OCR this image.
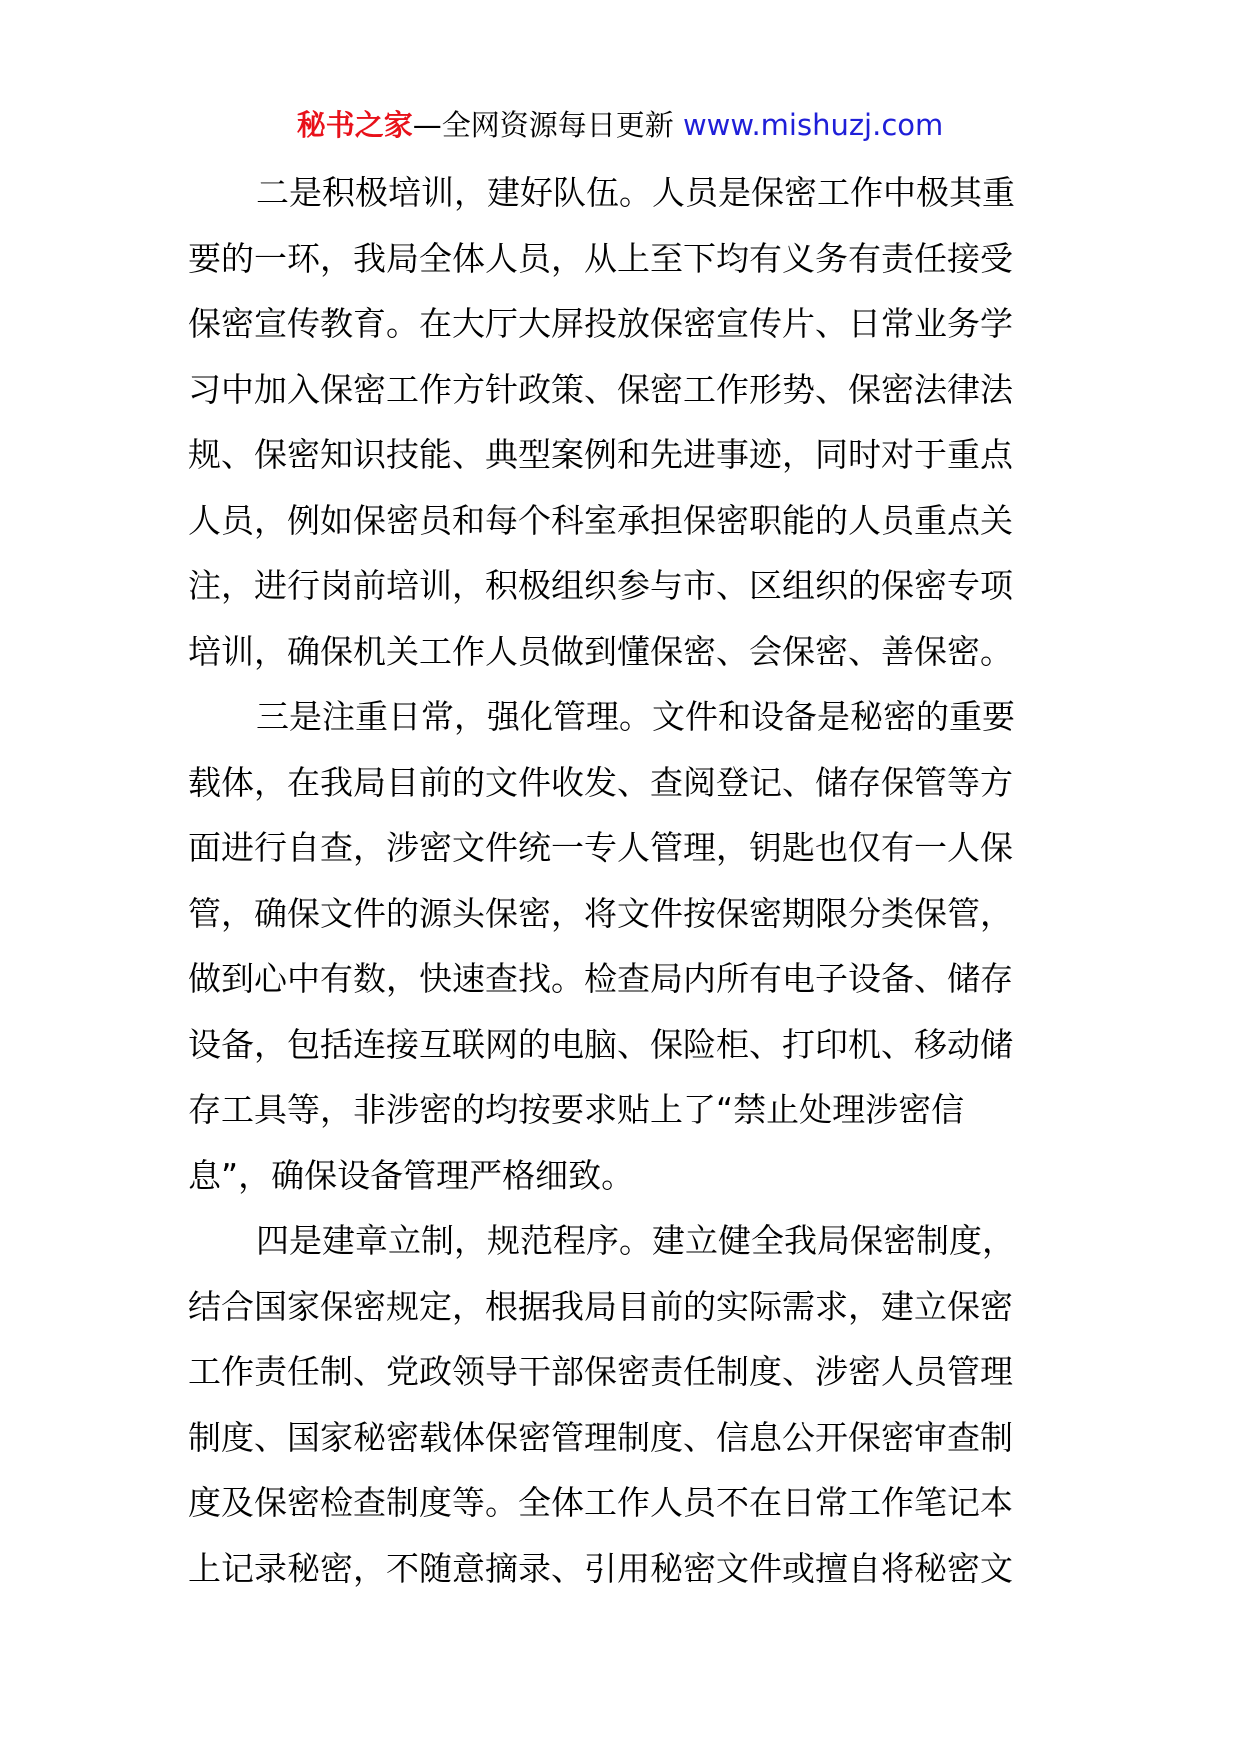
秘书之家—全网资源每日更新 www.mishuzj.com
二是积极培训，建好队伍。人员是保密工作中极其重
要的一环，我局全体人员，从上至下均有义务有责任接受
保密宣传教育。在大厅大屏投放保密宣传片、日常业务学
习中加入保密工作方针政策、保密工作形势、保密法律法
规、保密知识技能、典型案例和先进事迹，同时对于重点
人员，例如保密员和每个科室承担保密职能的人员重点关
注，进行岗前培训，积极组织参与市、区组织的保密专项
培训，确保机关工作人员做到懂保密、会保密、善保密。
三是注重日常，强化管理。文件和设备是秘密的重要
载体，在我局目前的文件收发、查阅登记、储存保管等方
面进行自查，涉密文件统一专人管理，钥匙也仅有一人保
管，确保文件的源头保密，将文件按保密期限分类保管，
做到心中有数，快速查找。检查局内所有电子设备、储存
设备，包括连接互联网的电脑、保险柜、打印机、移动储
存工具等，非涉密的均按要求贴上了“禁止处理涉密信
息”，确保设备管理严格细致。
四是建章立制，规范程序。建立健全我局保密制度，
结合国家保密规定，根据我局目前的实际需求，建立保密
工作责任制、党政领导干部保密责任制度、涉密人员管理
制度、国家秘密载体保密管理制度、信息公开保密审查制
度及保密检查制度等。全体工作人员不在日常工作笔记本
上记录秘密，不随意摘录、引用秘密文件或擅自将秘密文
